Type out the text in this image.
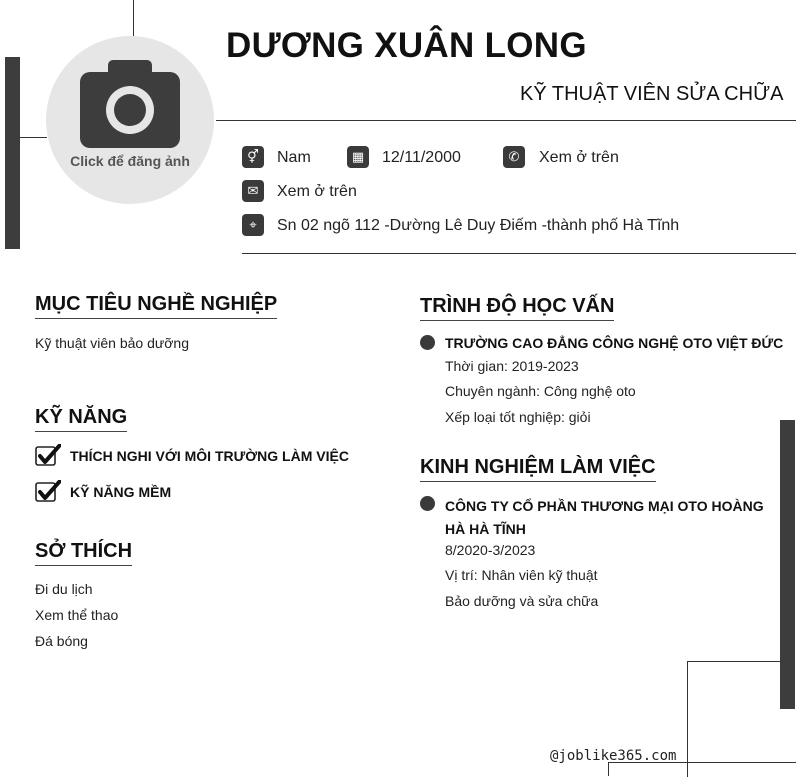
Click để đăng ảnh
DƯƠNG XUÂN LONG
KỸ THUẬT VIÊN SỬA CHỮA
⚥	Nam	▦	12/11/2000	✆	Xem ở trên
✉	Xem ở trên
⌖	Sn 02 ngõ 112 -Dường Lê Duy Điếm -thành phố Hà Tĩnh
MỤC TIÊU NGHỀ NGHIỆP
Kỹ thuật viên bảo dưỡng
KỸ NĂNG
THÍCH NGHI VỚI MÔI TRƯỜNG LÀM VIỆC
KỸ NĂNG MỀM
SỞ THÍCH
Đi du lịch
Xem thể thao
Đá bóng
TRÌNH ĐỘ HỌC VẤN
TRƯỜNG CAO ĐẲNG CÔNG NGHỆ OTO VIỆT ĐỨC
Thời gian: 2019-2023
Chuyên ngành: Công nghệ oto
Xếp loại tốt nghiệp: giỏi
KINH NGHIỆM LÀM VIỆC
CÔNG TY CỔ PHẦN THƯƠNG MẠI OTO HOÀNG HÀ HÀ TĨNH
8/2020-3/2023
Vị trí: Nhân viên kỹ thuật
Bảo dưỡng và sửa chữa
@joblike365.com
